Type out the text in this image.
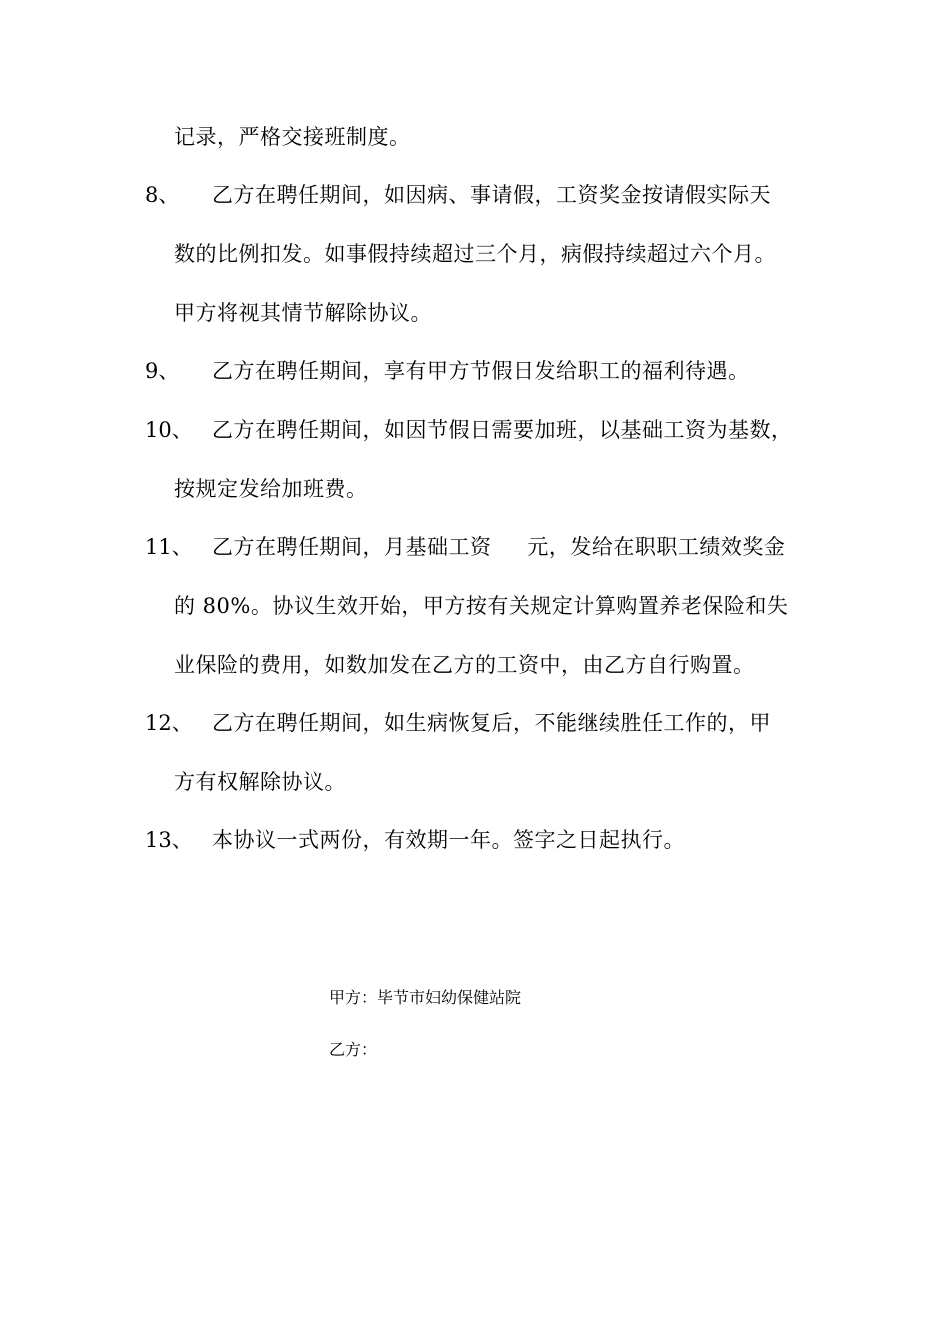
记录，严格交接班制度。
8、 乙方在聘任期间，如因病、事请假，工资奖金按请假实际天
数的比例扣发。如事假持续超过三个月，病假持续超过六个月。
甲方将视其情节解除协议。
9、 乙方在聘任期间，享有甲方节假日发给职工的福利待遇。
10、 乙方在聘任期间，如因节假日需要加班，以基础工资为基数，
按规定发给加班费。
11、 乙方在聘任期间，月基础工资     元，发给在职职工绩效奖金
的 80%。协议生效开始，甲方按有关规定计算购置养老保险和失
业保险的费用，如数加发在乙方的工资中，由乙方自行购置。
12、 乙方在聘任期间，如生病恢复后，不能继续胜任工作的，甲
方有权解除协议。
13、 本协议一式两份，有效期一年。签字之日起执行。
甲方：毕节市妇幼保健站院
乙方：
